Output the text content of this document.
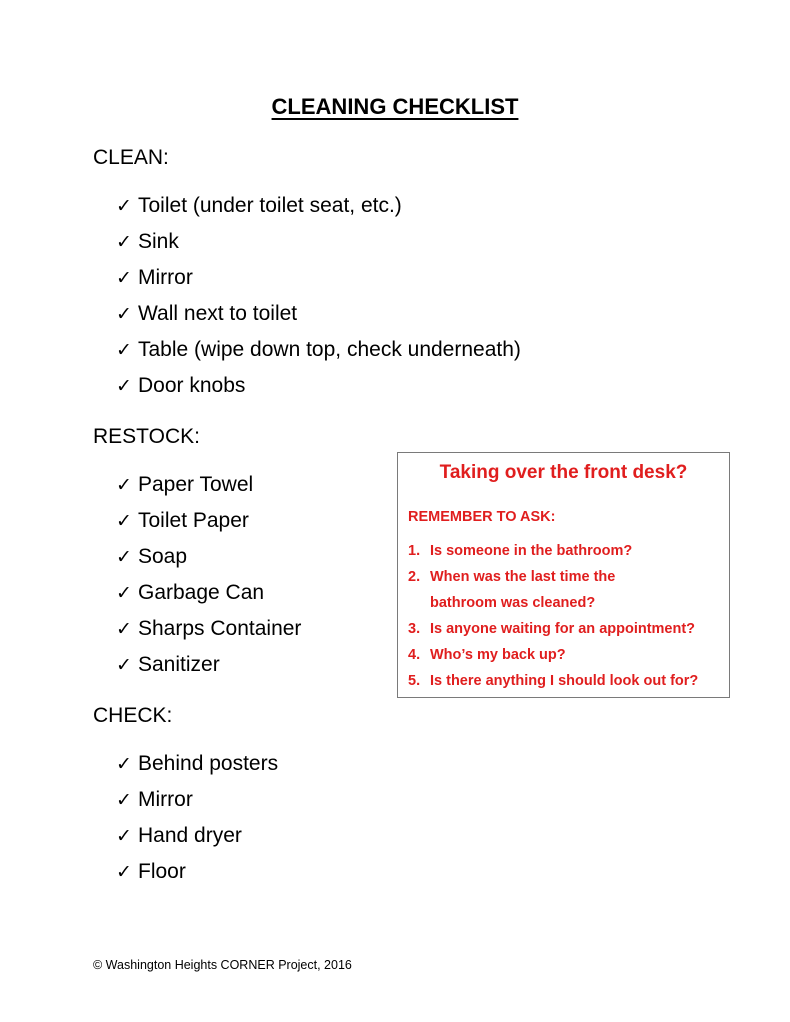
CLEANING CHECKLIST
CLEAN:
✓ Toilet (under toilet seat, etc.)
✓ Sink
✓ Mirror
✓ Wall next to toilet
✓ Table (wipe down top, check underneath)
✓ Door knobs
RESTOCK:
✓ Paper Towel
✓ Toilet Paper
✓ Soap
✓ Garbage Can
✓ Sharps Container
✓ Sanitizer
CHECK:
✓ Behind posters
✓ Mirror
✓ Hand dryer
✓ Floor
Taking over the front desk?
REMEMBER TO ASK:
1. Is someone in the bathroom?
2. When was the last time the
bathroom was cleaned?
3. Is anyone waiting for an appointment?
4. Who’s my back up?
5. Is there anything I should look out for?
© Washington Heights CORNER Project, 2016
